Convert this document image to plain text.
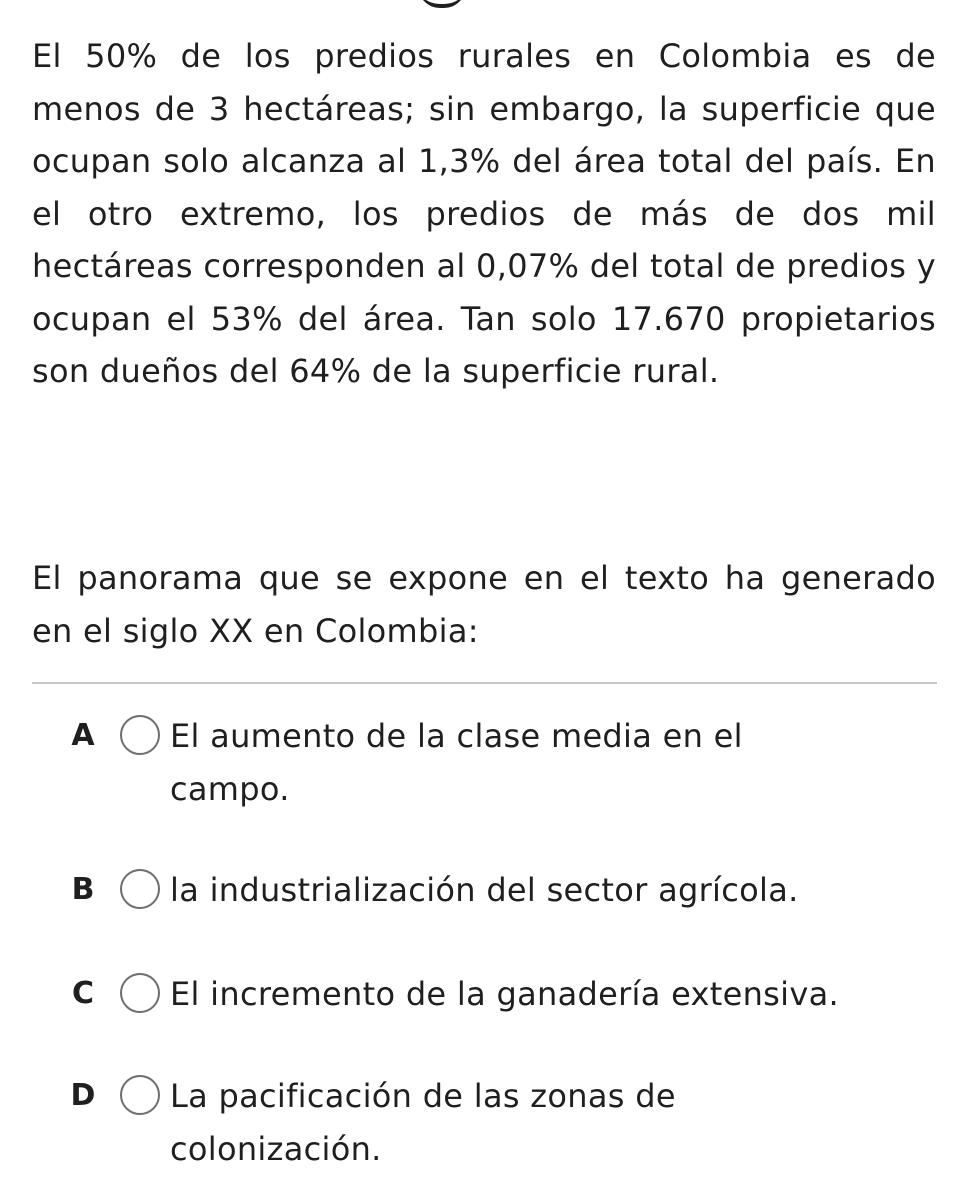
El 50% de los predios rurales en Colombia es de menos de 3 hectáreas; sin embargo, la superficie que ocupan solo alcanza al 1,3% del área total del país. En el otro extremo, los predios de más de dos mil hectáreas corresponden al 0,07% del total de predios y ocupan el 53% del área. Tan solo 17.670 propietarios son dueños del 64% de la superficie rural.

El panorama que se expone en el texto ha generado en el siglo XX en Colombia:

A	El aumento de la clase media en el campo.
B	la industrialización del sector agrícola.
C	El incremento de la ganadería extensiva.
D	La pacificación de las zonas de colonización.
